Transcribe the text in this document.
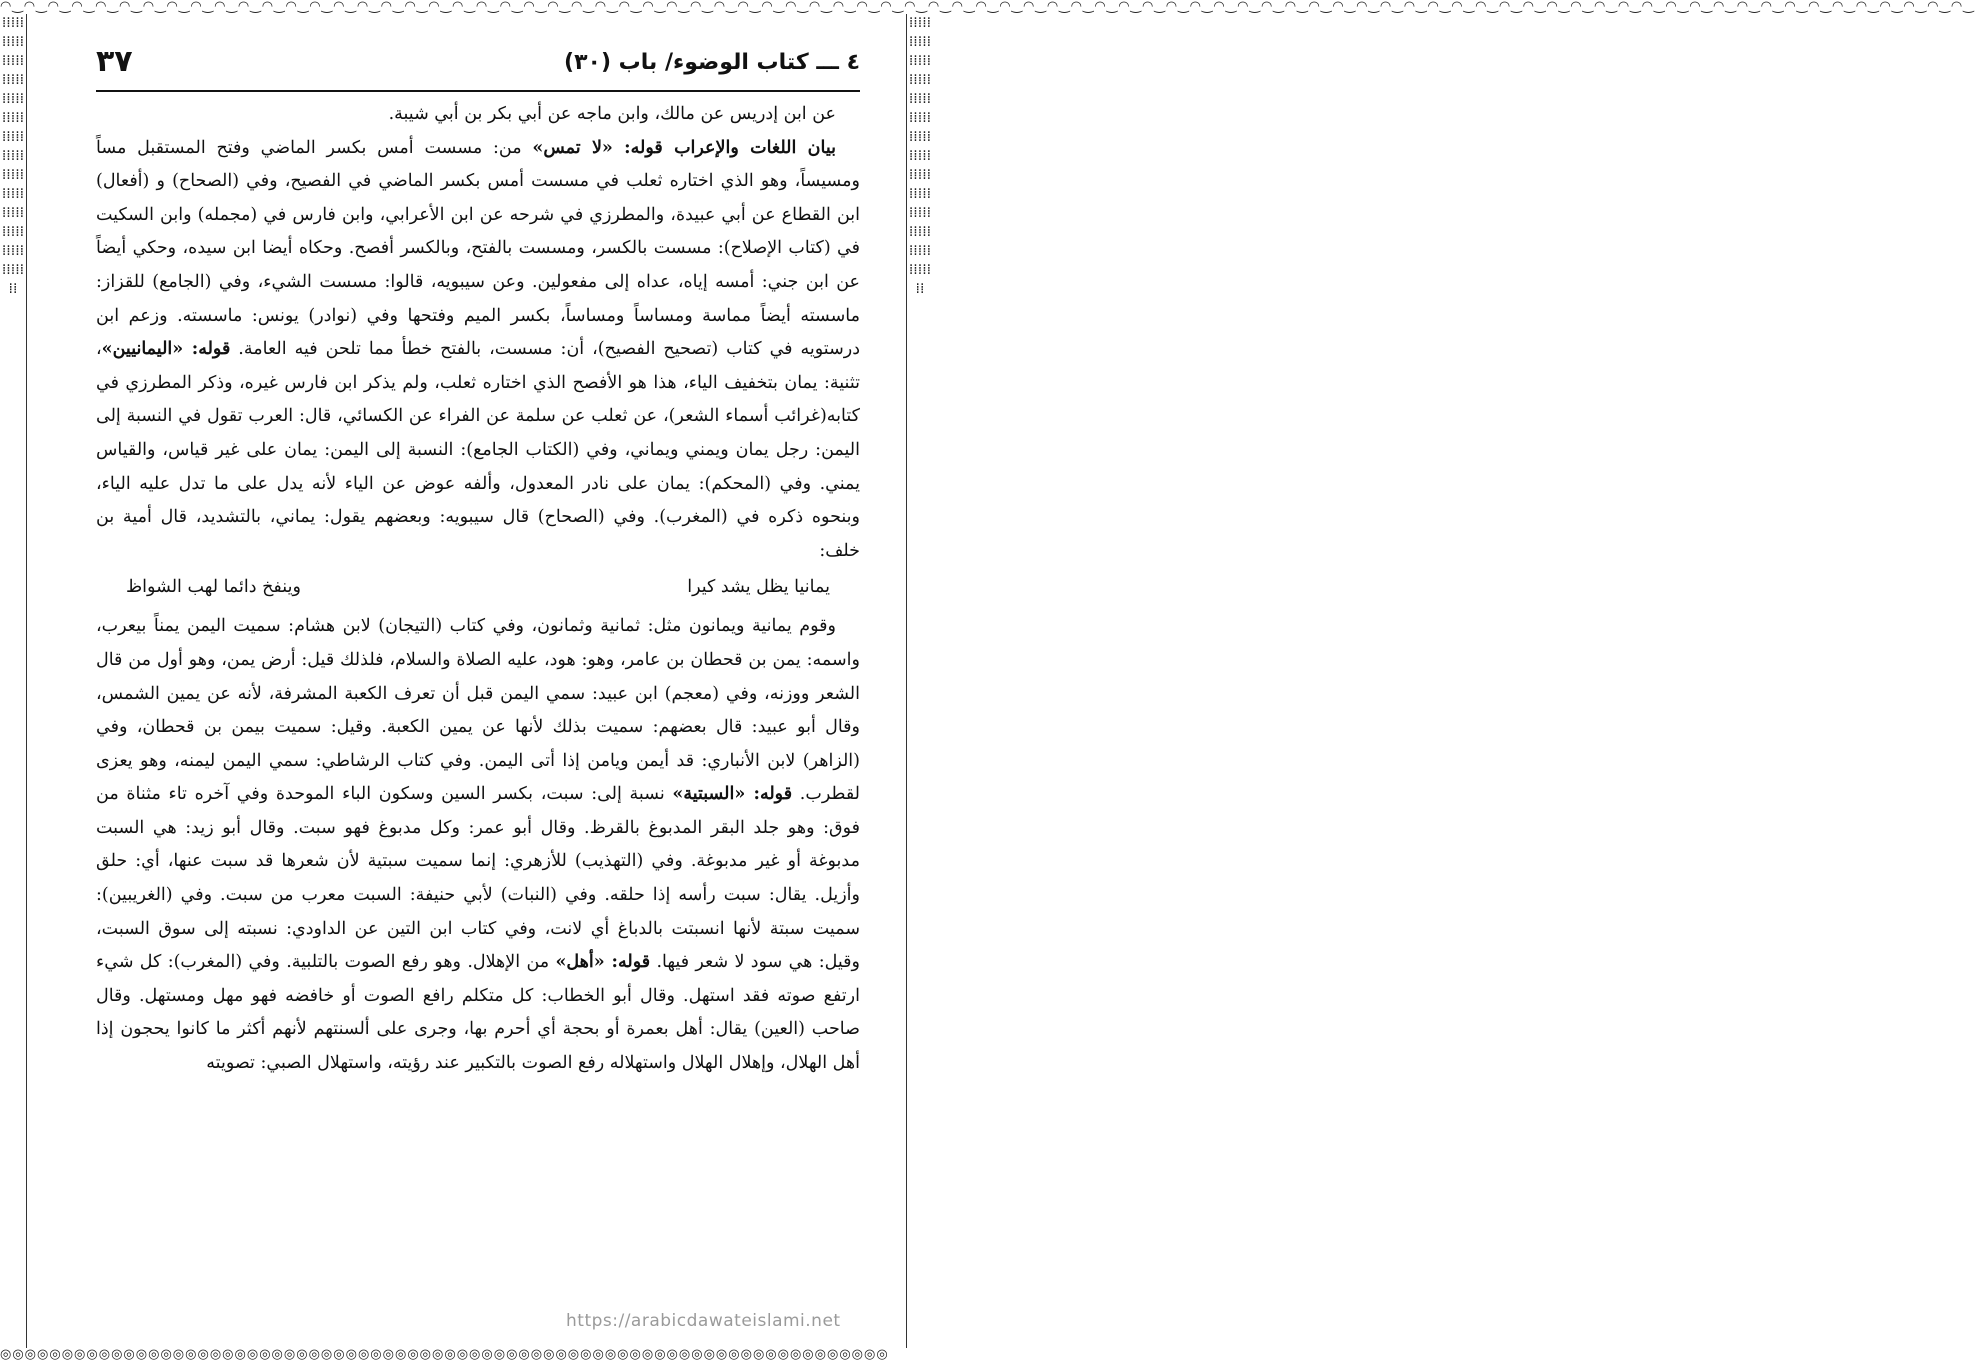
◠‿◠‿◠‿◠‿◠‿◠‿◠‿◠‿◠‿◠‿◠‿◠‿◠‿◠‿◠‿◠‿◠‿◠‿◠‿◠‿◠‿◠‿◠‿◠‿◠‿◠‿◠‿◠‿◠‿◠‿◠‿◠‿◠‿◠‿◠‿◠‿◠‿◠‿◠‿◠‿◠‿◠‿◠‿◠‿◠‿◠‿◠‿◠‿◠‿◠‿◠‿◠‿◠‿◠‿◠‿◠‿◠‿◠‿◠‿◠‿◠‿◠‿◠‿◠‿◠‿◠‿◠‿◠‿◠‿◠‿◠‿◠‿◠‿◠‿◠‿◠‿◠‿◠‿◠‿◠‿◠‿◠‿◠‿
⁞⁞⁞⁞⁞⁞⁞⁞⁞⁞⁞⁞⁞⁞⁞⁞⁞⁞⁞⁞⁞⁞⁞⁞⁞⁞⁞⁞⁞⁞⁞⁞⁞⁞⁞⁞⁞⁞⁞⁞⁞⁞⁞⁞⁞⁞⁞⁞⁞⁞⁞⁞⁞⁞⁞⁞⁞⁞⁞⁞⁞⁞⁞⁞⁞⁞⁞⁞⁞⁞⁞⁞
⁞⁞⁞⁞⁞⁞⁞⁞⁞⁞⁞⁞⁞⁞⁞⁞⁞⁞⁞⁞⁞⁞⁞⁞⁞⁞⁞⁞⁞⁞⁞⁞⁞⁞⁞⁞⁞⁞⁞⁞⁞⁞⁞⁞⁞⁞⁞⁞⁞⁞⁞⁞⁞⁞⁞⁞⁞⁞⁞⁞⁞⁞⁞⁞⁞⁞⁞⁞⁞⁞⁞⁞
◎◎◎◎◎◎◎◎◎◎◎◎◎◎◎◎◎◎◎◎◎◎◎◎◎◎◎◎◎◎◎◎◎◎◎◎◎◎◎◎◎◎◎◎◎◎◎◎◎◎◎◎◎◎◎◎◎◎◎◎◎◎◎◎◎◎◎◎◎◎◎◎
٣٧	٤ ـــ كتاب الوضوء/ باب (٣٠)

عن ابن إدريس عن مالك، وابن ماجه عن أبي بكر بن أبي شيبة.

بيان اللغات والإعراب قوله: «لا تمس» من: مسست أمس بكسر الماضي وفتح المستقبل مساً ومسيساً، وهو الذي اختاره ثعلب في مسست أمس بكسر الماضي في الفصيح، وفي (الصحاح) و (أفعال) ابن القطاع عن أبي عبيدة، والمطرزي في شرحه عن ابن الأعرابي، وابن فارس في (مجمله) وابن السكيت في (كتاب الإصلاح): مسست بالكسر، ومسست بالفتح، وبالكسر أفصح. وحكاه أيضا ابن سيده، وحكي أيضاً عن ابن جني: أمسه إياه، عداه إلى مفعولين. وعن سيبويه، قالوا: مسست الشيء، وفي (الجامع) للقزاز: ماسسته أيضاً مماسة ومساساً ومساساً، بكسر الميم وفتحها وفي (نوادر) يونس: ماسسته. وزعم ابن درستويه في كتاب (تصحيح الفصيح)، أن: مسست، بالفتح خطأ مما تلحن فيه العامة. قوله: «اليمانيين»، تثنية: يمان بتخفيف الياء، هذا هو الأفصح الذي اختاره ثعلب، ولم يذكر ابن فارس غيره، وذكر المطرزي في كتابه(غرائب أسماء الشعر)، عن ثعلب عن سلمة عن الفراء عن الكسائي، قال: العرب تقول في النسبة إلى اليمن: رجل يمان ويمني ويماني، وفي (الكتاب الجامع): النسبة إلى اليمن: يمان على غير قياس، والقياس يمني. وفي (المحكم): يمان على نادر المعدول، وألفه عوض عن الياء لأنه يدل على ما تدل عليه الياء، وبنحوه ذكره في (المغرب). وفي (الصحاح) قال سيبويه: وبعضهم يقول: يماني، بالتشديد، قال أمية بن خلف:

يمانيا يظل يشد كيرا
وينفخ دائما لهب الشواظ

وقوم يمانية ويمانون مثل: ثمانية وثمانون، وفي كتاب (التيجان) لابن هشام: سميت اليمن يمناً بيعرب، واسمه: يمن بن قحطان بن عامر، وهو: هود، عليه الصلاة والسلام، فلذلك قيل: أرض يمن، وهو أول من قال الشعر ووزنه، وفي (معجم) ابن عبيد: سمي اليمن قبل أن تعرف الكعبة المشرفة، لأنه عن يمين الشمس، وقال أبو عبيد: قال بعضهم: سميت بذلك لأنها عن يمين الكعبة. وقيل: سميت بيمن بن قحطان، وفي (الزاهر) لابن الأنباري: قد أيمن ويامن إذا أتى اليمن. وفي كتاب الرشاطي: سمي اليمن ليمنه، وهو يعزى لقطرب. قوله: «السبتية» نسبة إلى: سبت، بكسر السين وسكون الباء الموحدة وفي آخره تاء مثناة من فوق: وهو جلد البقر المدبوغ بالقرظ. وقال أبو عمر: وكل مدبوغ فهو سبت. وقال أبو زيد: هي السبت مدبوغة أو غير مدبوغة. وفي (التهذيب) للأزهري: إنما سميت سبتية لأن شعرها قد سبت عنها، أي: حلق وأزيل. يقال: سبت رأسه إذا حلقه. وفي (النبات) لأبي حنيفة: السبت معرب من سبت. وفي (الغريبين): سميت سبتة لأنها انسبتت بالدباغ أي لانت، وفي كتاب ابن التين عن الداودي: نسبته إلى سوق السبت، وقيل: هي سود لا شعر فيها. قوله: «أهل» من الإهلال. وهو رفع الصوت بالتلبية. وفي (المغرب): كل شيء ارتفع صوته فقد استهل. وقال أبو الخطاب: كل متكلم رافع الصوت أو خافضه فهو مهل ومستهل. وقال صاحب (العين) يقال: أهل بعمرة أو بحجة أي أحرم بها، وجرى على ألسنتهم لأنهم أكثر ما كانوا يحجون إذا أهل الهلال، وإهلال الهلال واستهلاله رفع الصوت بالتكبير عند رؤيته، واستهلال الصبي: تصويته

https://arabicdawateislami.net
